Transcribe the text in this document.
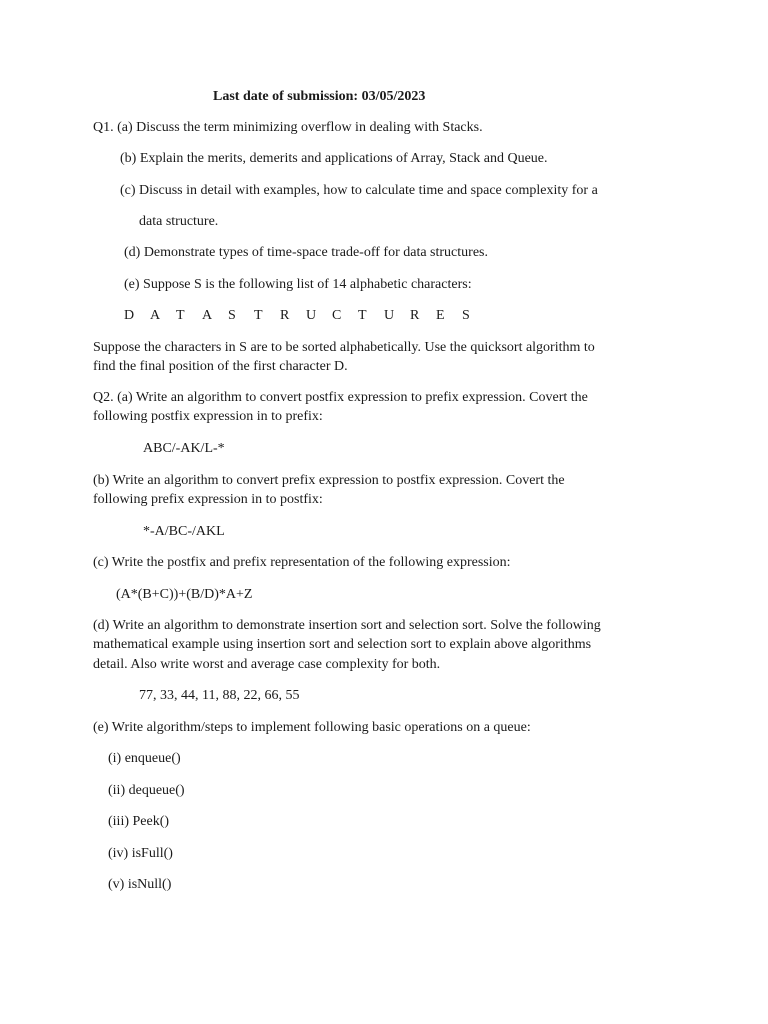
Last date of submission: 03/05/2023

Q1. (a) Discuss the term minimizing overflow in dealing with Stacks.

(b) Explain the merits, demerits and applications of Array, Stack and Queue.

(c) Discuss in detail with examples, how to calculate time and space complexity for a

data structure.

(d) Demonstrate types of time-space trade-off for data structures.

(e) Suppose S is the following list of 14 alphabetic characters:

D A T A S T R U C T U R E S

Suppose the characters in S are to be sorted alphabetically. Use the quicksort algorithm to

find the final position of the first character D.

Q2. (a) Write an algorithm to convert postfix expression to prefix expression. Covert the

following postfix expression in to prefix:

ABC/-AK/L-*

(b) Write an algorithm to convert prefix expression to postfix expression. Covert the

following prefix expression in to postfix:

*-A/BC-/AKL

(c) Write the postfix and prefix representation of the following expression:

(A*(B+C))+(B/D)*A+Z

(d) Write an algorithm to demonstrate insertion sort and selection sort. Solve the following

mathematical example using insertion sort and selection sort to explain above algorithms

detail. Also write worst and average case complexity for both.

77, 33, 44, 11, 88, 22, 66, 55

(e) Write algorithm/steps to implement following basic operations on a queue:

(i) enqueue()

(ii) dequeue()

(iii) Peek()

(iv) isFull()

(v) isNull()
